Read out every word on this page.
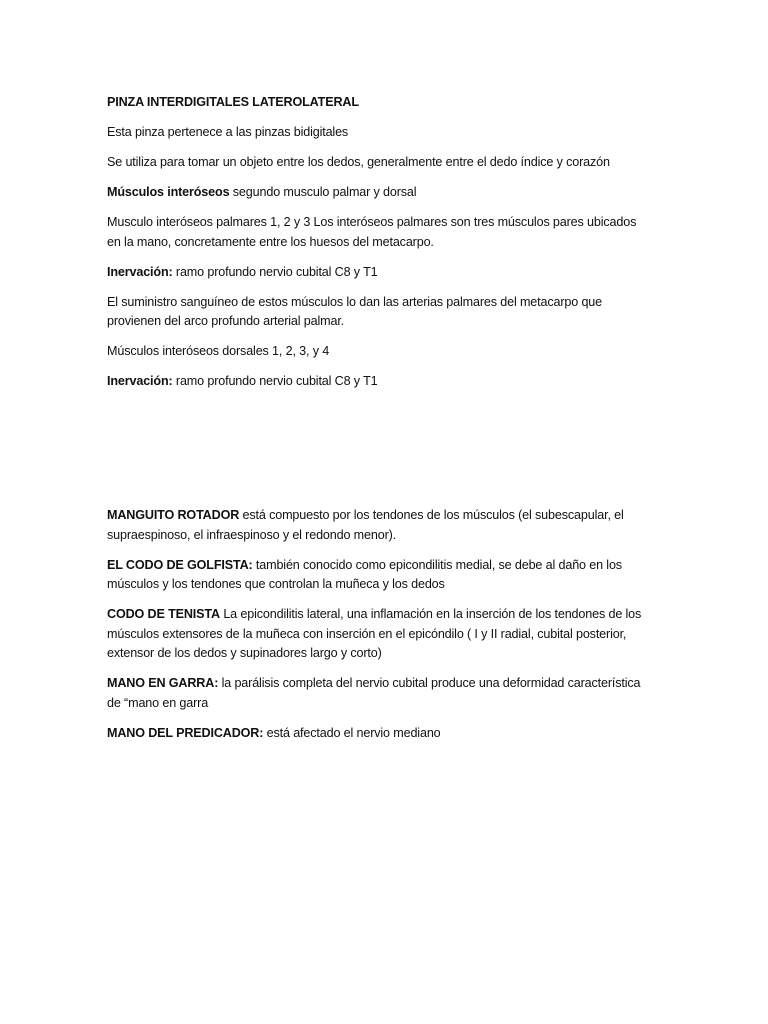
PINZA INTERDIGITALES LATEROLATERAL

Esta pinza pertenece a las pinzas bidigitales

Se utiliza para tomar un objeto entre los dedos, generalmente entre el dedo índice y corazón

Músculos interóseos segundo musculo palmar y dorsal

Musculo interóseos palmares 1, 2 y 3 Los interóseos palmares son tres músculos pares ubicados en la mano, concretamente entre los huesos del metacarpo.

Inervación: ramo profundo nervio cubital C8 y T1

El suministro sanguíneo de estos músculos lo dan las arterias palmares del metacarpo que provienen del arco profundo arterial palmar.

Músculos interóseos dorsales 1, 2, 3, y 4

Inervación: ramo profundo nervio cubital C8 y T1

MANGUITO ROTADOR está compuesto por los tendones de los músculos (el subescapular, el supraespinoso, el infraespinoso y el redondo menor).

EL CODO DE GOLFISTA: también conocido como epicondilitis medial, se debe al daño en los músculos y los tendones que controlan la muñeca y los dedos

CODO DE TENISTA La epicondilitis lateral, una inflamación en la inserción de los tendones de los músculos extensores de la muñeca con inserción en el epicóndilo ( I y II radial, cubital posterior, extensor de los dedos y supinadores largo y corto)

MANO EN GARRA: la parálisis completa del nervio cubital produce una deformidad característica de “mano en garra

MANO DEL PREDICADOR: está afectado el nervio mediano
